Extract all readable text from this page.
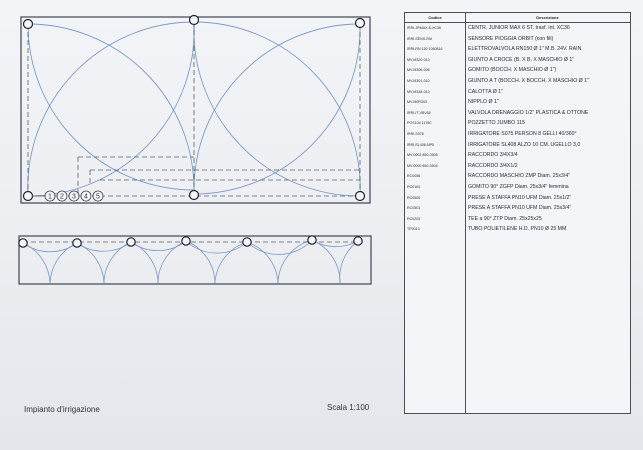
1 2 3 4 5
Codice	Descrizione
IRRI-JRMAX-6-XC36	CENTR. JUNIOR MAX 6 ST. trasf. int. XC36
IRRI-SENS-RM	SENSORE PIOGGIA ORBIT (con fili)
IRRI-RN 150 1060816	ELETTROVALVOLA RN150 Ø 1" M.B. 24V. RAIN
MV-M320-010	GIUNTO A CROCE (B. X B. X MASCHIO Ø 1"
MV-M306-006	GOMITO (BOCCH. X MASCHIO Ø 1")
MV-M301-010	GIUNTO A T (BOCCH. X BOCCH. X MASCHIO Ø 1"
MV-M348-010	CALOTTA Ø 1"
MV-M0R303	NIPPLO Ø 1"
IRRI-IT-VBV50	VALVOLA DRENAGGIO 1/2" PLASTICA & OTTONE
POS104 1178C	POZZETTO JUMBO 115
IRRI-S075	IRRIGATORE S075 PERSON 8 GELLI 40/360°
IRRI-SL408-NP5	IRRIGATORE SL408 ALZO 10 CM. UGELLO 3,0
MV-0002 850-0505	RACCORDO 3/4X3/4
MV-0000 850-0504	RACCORDO 3/4X1/2
RC0056	RACCORDO MASCHIO ZMP Diam. 25x3/4"
RC0163	GOMITO 90° ZGFP Diam. 25x3/4" femmina
RC0500	PRESE A STAFFA PN10 UFM Diam. 25x1/2"
RC0501	PRESE A STAFFA PN10 UFM Diam. 25x3/4"
RC0203	TEE a 90° ZTP Diam. 25x25x25
TP0013	TUBO POLIETILENE H.D. PN10 Ø 25 MM
Impianto d'irrigazione	Scala 1:100
